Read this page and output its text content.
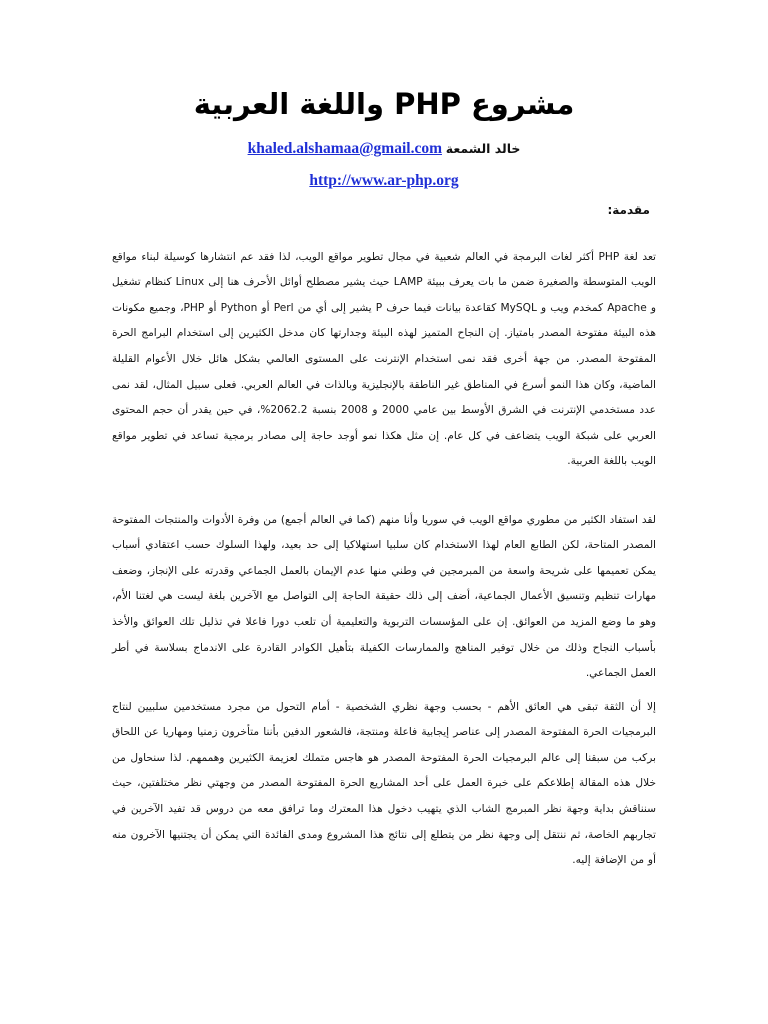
مشروع PHP واللغة العربية
خالد الشمعة khaled.alshamaa@gmail.com
http://www.ar-php.org
مقدمة:

تعد لغة PHP أكثر لغات البرمجة في العالم شعبية في مجال تطوير مواقع الويب، لذا فقد عم انتشارها كوسيلة لبناء مواقع الويب المتوسطة والصغيرة ضمن ما بات يعرف ببيئة LAMP حيث يشير مصطلح أوائل الأحرف هنا إلى Linux كنظام تشغيل و Apache كمخدم ويب و MySQL كقاعدة بيانات فيما حرف P يشير إلى أي من Perl أو Python أو PHP، وجميع مكونات هذه البيئة مفتوحة المصدر بامتياز. إن النجاح المتميز لهذه البيئة وجدارتها كان مدخل الكثيرين إلى استخدام البرامج الحرة المفتوحة المصدر. من جهة أخرى فقد نمى استخدام الإنترنت على المستوى العالمي بشكل هائل خلال الأعوام القليلة الماضية، وكان هذا النمو أسرع في المناطق غير الناطقة بالإنجليزية وبالذات في العالم العربي. فعلى سبيل المثال، لقد نمى عدد مستخدمي الإنترنت في الشرق الأوسط بين عامي 2000 و 2008 بنسبة 2062.2%، في حين يقدر أن حجم المحتوى العربي على شبكة الويب يتضاعف في كل عام. إن مثل هكذا نمو أوجد حاجة إلى مصادر برمجية تساعد في تطوير مواقع الويب باللغة العربية.

لقد استفاد الكثير من مطوري مواقع الويب في سوريا وأنا منهم (كما في العالم أجمع) من وفرة الأدوات والمنتجات المفتوحة المصدر المتاحة، لكن الطابع العام لهذا الاستخدام كان سلبيا استهلاكيا إلى حد بعيد، ولهذا السلوك حسب اعتقادي أسباب يمكن تعميمها على شريحة واسعة من المبرمجين في وطني منها عدم الإيمان بالعمل الجماعي وقدرته على الإنجاز، وضعف مهارات تنظيم وتنسيق الأعمال الجماعية، أضف إلى ذلك حقيقة الحاجة إلى التواصل مع الآخرين بلغة ليست هي لغتنا الأم، وهو ما وضع المزيد من العوائق. إن على المؤسسات التربوية والتعليمية أن تلعب دورا فاعلا في تذليل تلك العوائق والأخذ بأسباب النجاح وذلك من خلال توفير المناهج والممارسات الكفيلة بتأهيل الكوادر القادرة على الاندماج بسلاسة في أطر العمل الجماعي.

إلا أن الثقة تبقى هي العائق الأهم - بحسب وجهة نظري الشخصية - أمام التحول من مجرد مستخدمين سلبيين لنتاج البرمجيات الحرة المفتوحة المصدر إلى عناصر إيجابية فاعلة ومنتجة، فالشعور الدفين بأننا متأخرون زمنيا ومهاريا عن اللحاق بركب من سبقنا إلى عالم البرمجيات الحرة المفتوحة المصدر هو هاجس متملك لعزيمة الكثيرين وهممهم. لذا سنحاول من خلال هذه المقالة إطلاعكم على خبرة العمل على أحد المشاريع الحرة المفتوحة المصدر من وجهتي نظر مختلفتين، حيث سنناقش بداية وجهة نظر المبرمج الشاب الذي يتهيب دخول هذا المعترك وما ترافق معه من دروس قد تفيد الآخرين في تجاربهم الخاصة، ثم ننتقل إلى وجهة نظر من يتطلع إلى نتائج هذا المشروع ومدى الفائدة التي يمكن أن يجتنيها الآخرون منه أو من الإضافة إليه.
